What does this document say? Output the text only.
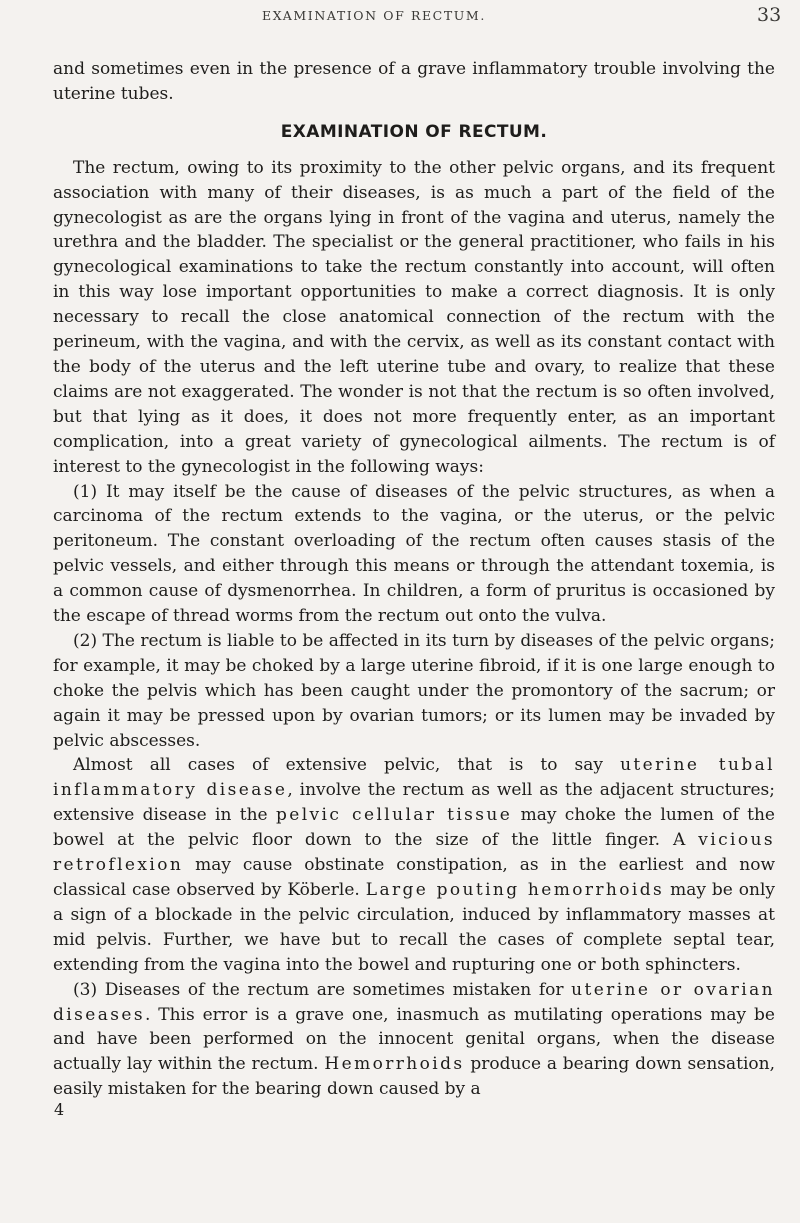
EXAMINATION OF RECTUM.	33

and sometimes even in the presence of a grave inflammatory trouble involving the uterine tubes.

EXAMINATION OF RECTUM.

The rectum, owing to its proximity to the other pelvic organs, and its frequent association with many of their diseases, is as much a part of the field of the gynecologist as are the organs lying in front of the vagina and uterus, namely the urethra and the bladder. The specialist or the general practitioner, who fails in his gynecological examinations to take the rectum constantly into account, will often in this way lose important opportunities to make a correct diagnosis. It is only necessary to recall the close anatomical connection of the rectum with the perineum, with the vagina, and with the cervix, as well as its constant contact with the body of the uterus and the left uterine tube and ovary, to realize that these claims are not exaggerated. The wonder is not that the rectum is so often involved, but that lying as it does, it does not more frequently enter, as an important complication, into a great variety of gynecological ailments. The rectum is of interest to the gynecologist in the following ways:

(1) It may itself be the cause of diseases of the pelvic structures, as when a carcinoma of the rectum extends to the vagina, or the uterus, or the pelvic peritoneum. The constant overloading of the rectum often causes stasis of the pelvic vessels, and either through this means or through the attendant toxemia, is a common cause of dysmenorrhea. In children, a form of pruritus is occasioned by the escape of thread worms from the rectum out onto the vulva.

(2) The rectum is liable to be affected in its turn by diseases of the pelvic organs; for example, it may be choked by a large uterine fibroid, if it is one large enough to choke the pelvis which has been caught under the promontory of the sacrum; or again it may be pressed upon by ovarian tumors; or its lumen may be invaded by pelvic abscesses.

Almost all cases of extensive pelvic, that is to say uterine tubal inflammatory disease, involve the rectum as well as the adjacent structures; extensive disease in the pelvic cellular tissue may choke the lumen of the bowel at the pelvic floor down to the size of the little finger. A vicious retroflexion may cause obstinate constipation, as in the earliest and now classical case observed by Köberle. Large pouting hemorrhoids may be only a sign of a blockade in the pelvic circulation, induced by inflammatory masses at mid pelvis. Further, we have but to recall the cases of complete septal tear, extending from the vagina into the bowel and rupturing one or both sphincters.

(3) Diseases of the rectum are sometimes mistaken for uterine or ovarian diseases. This error is a grave one, inasmuch as mutilating operations may be and have been performed on the innocent genital organs, when the disease actually lay within the rectum. Hemorrhoids produce a bearing down sensation, easily mistaken for the bearing down caused by a

4
